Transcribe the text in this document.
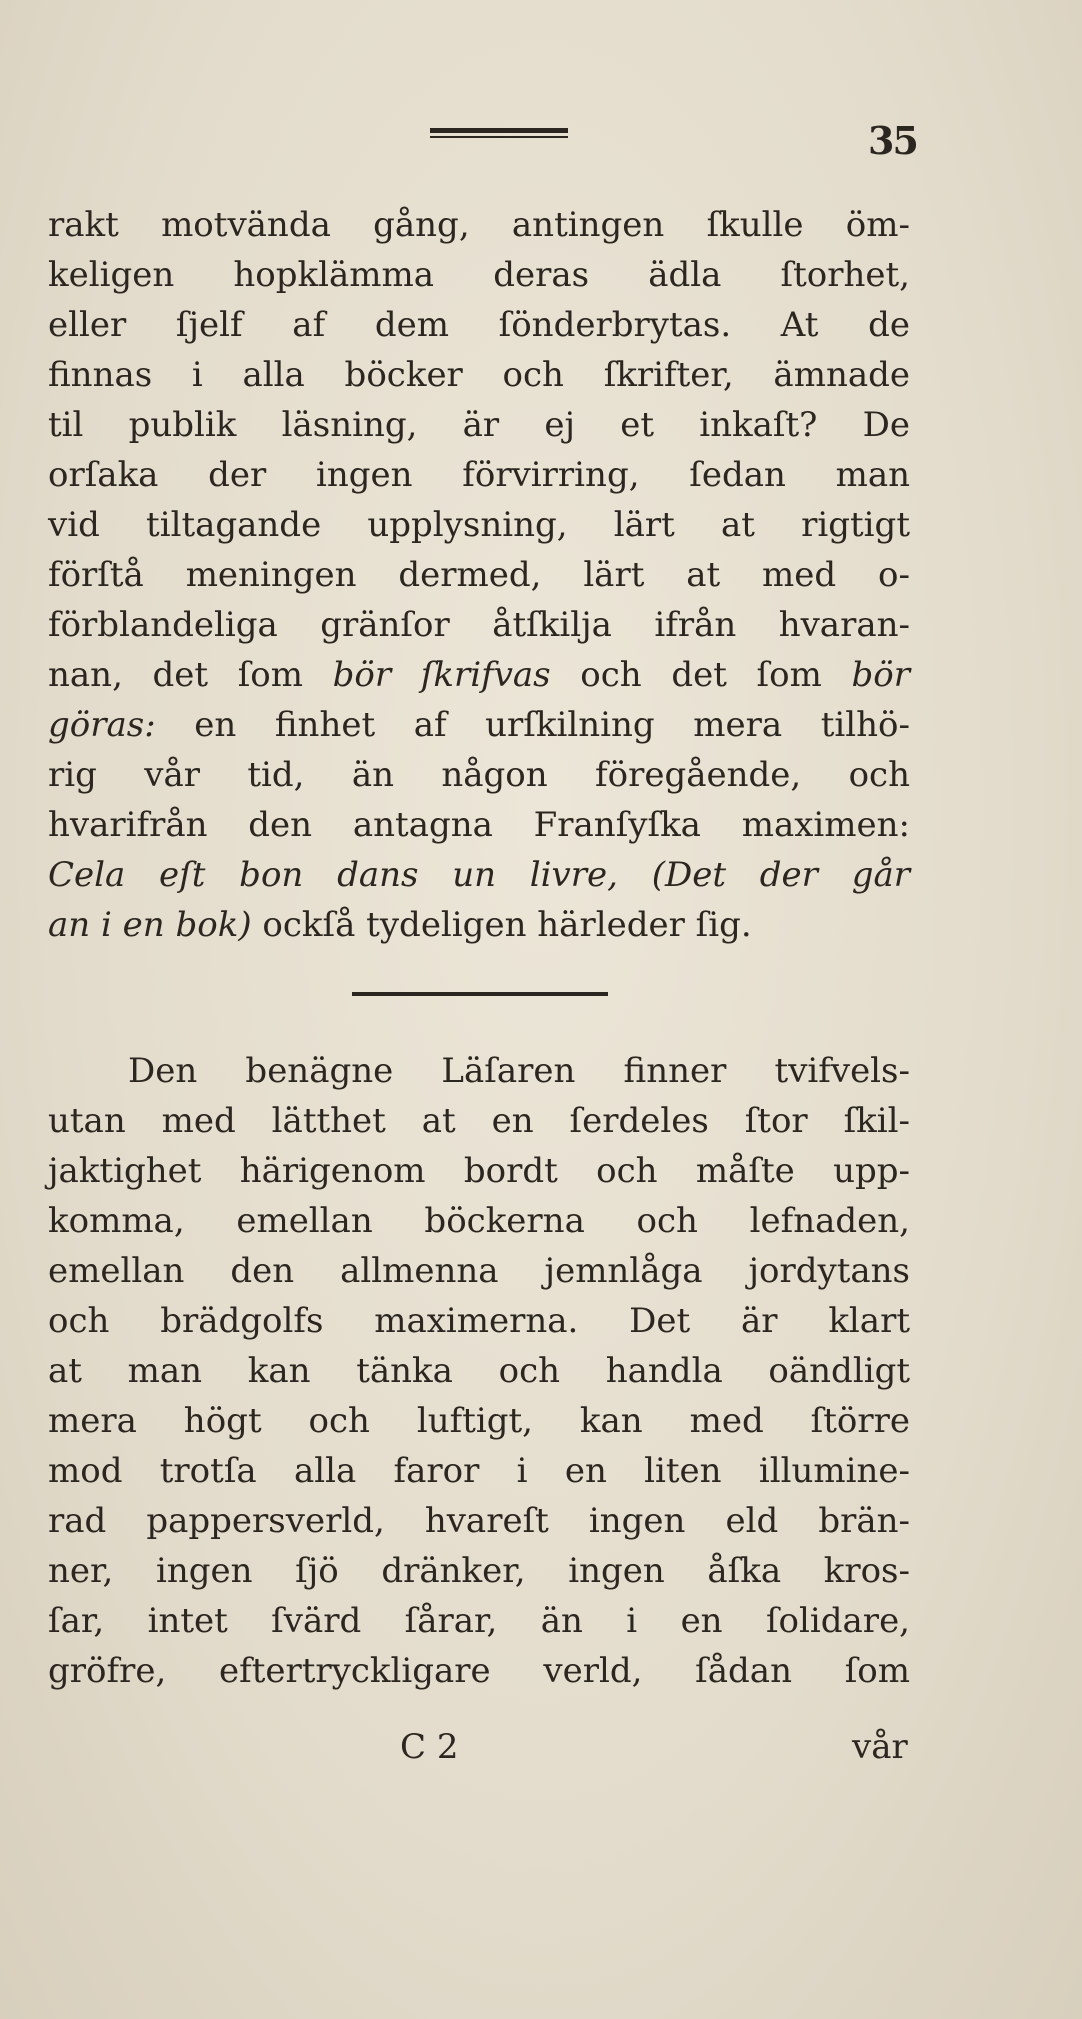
35
rakt motvända gång, antingen ſkulle öm-
keligen hopklämma deras ädla ſtorhet,
eller ſjelf af dem ſönderbrytas. At de
finnas i alla böcker och ſkrifter, ämnade
til publik läsning, är ej et inkaſt? De
orſaka der ingen förvirring, ſedan man
vid tiltagande upplysning, lärt at rigtigt
förſtå meningen dermed, lärt at med o-
förblandeliga gränſor åtſkilja ifrån hvaran-
nan, det ſom bör ſkrifvas och det ſom bör
göras: en finhet af urſkilning mera tilhö-
rig vår tid, än någon föregående, och
hvarifrån den antagna Franſyſka maximen:
Cela eſt bon dans un livre, (Det der går
an i en bok) ockſå tydeligen härleder ſig.
Den benägne Läſaren finner tvifvels-
utan med lätthet at en ſerdeles ſtor ſkil-
jaktighet härigenom bordt och måſte upp-
komma, emellan böckerna och lefnaden,
emellan den allmenna jemnlåga jordytans
och brädgolfs maximerna. Det är klart
at man kan tänka och handla oändligt
mera högt och luftigt, kan med ſtörre
mod trotſa alla faror i en liten illumine-
rad pappersverld, hvareſt ingen eld brän-
ner, ingen ſjö dränker, ingen åſka kros-
ſar, intet ſvärd ſårar, än i en ſolidare,
gröfre, eftertryckligare verld, ſådan ſom
C 2	vår
